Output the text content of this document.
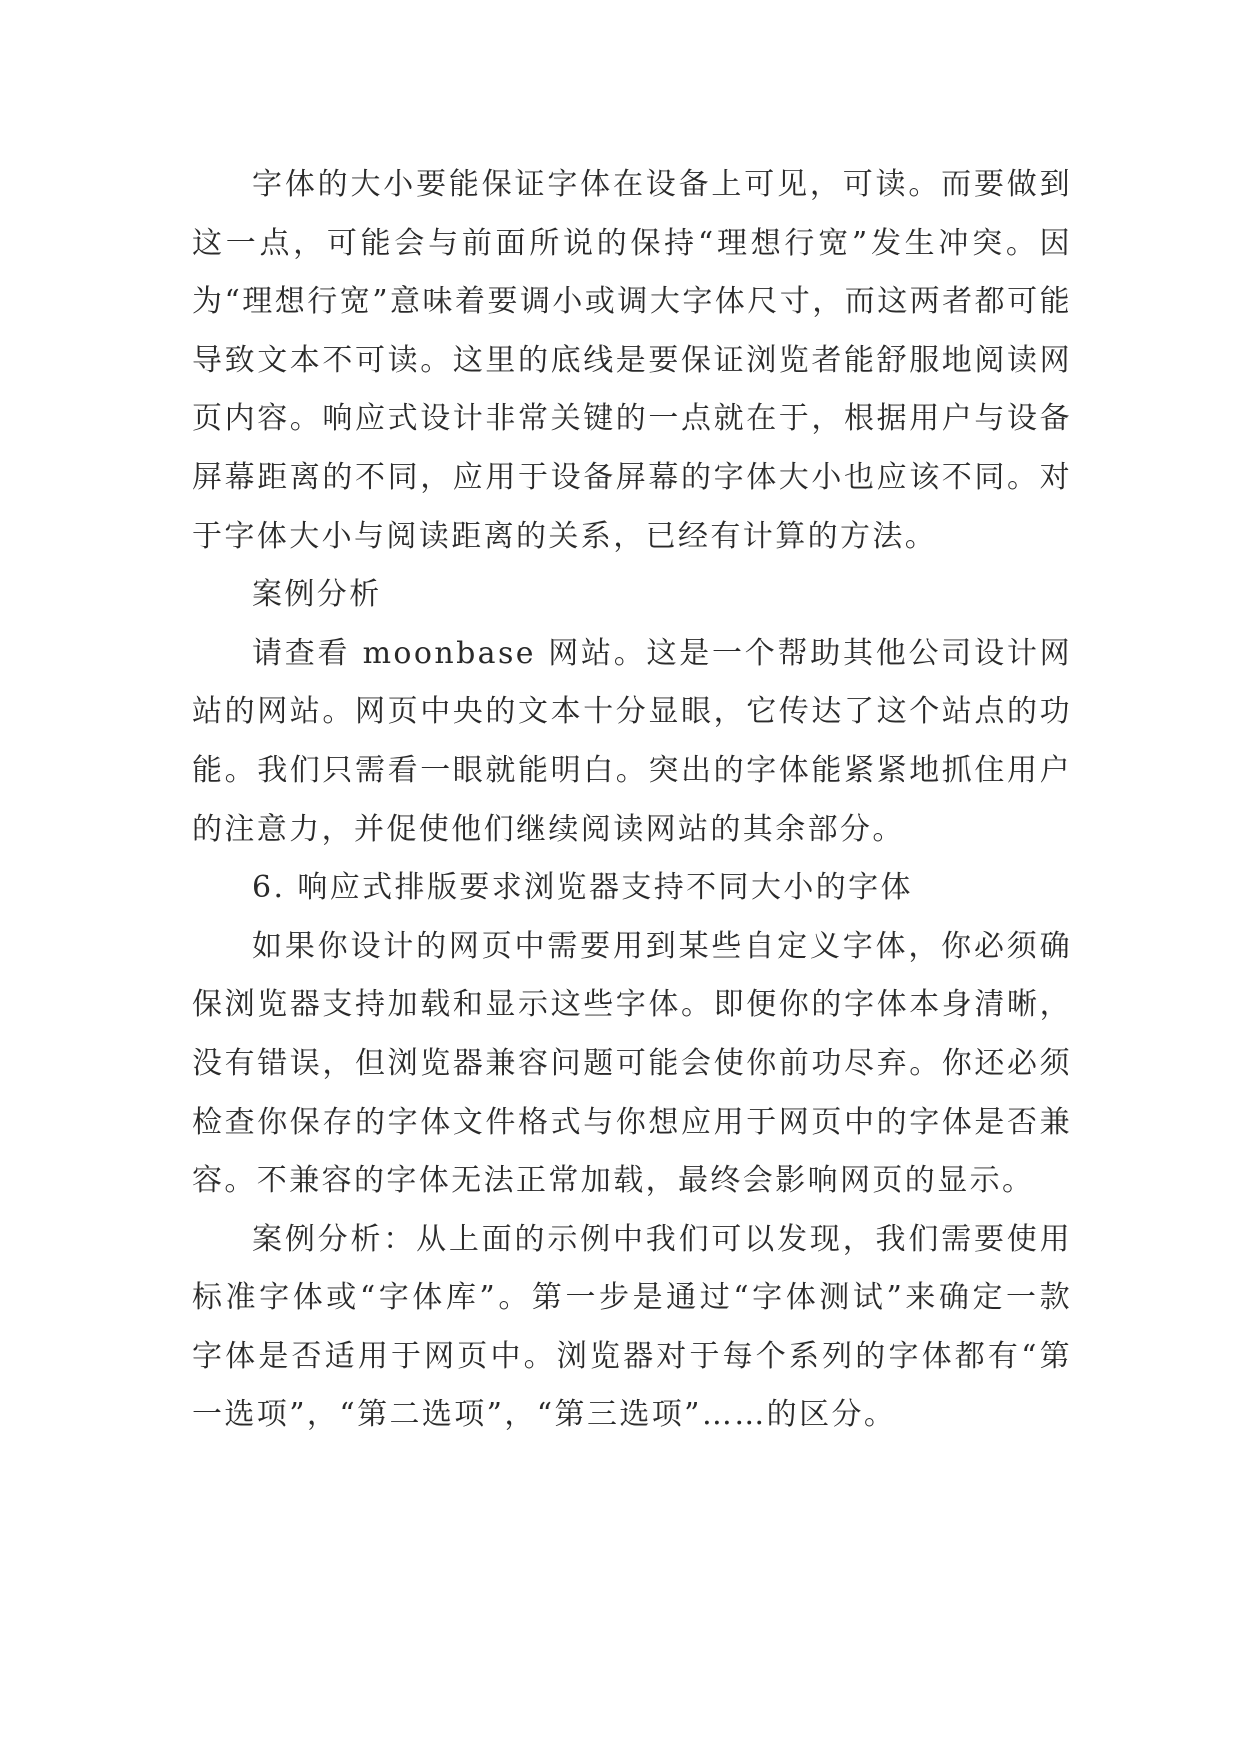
字体的大小要能保证字体在设备上可见，可读。而要做到这一点，可能会与前面所说的保持“理想行宽”发生冲突。因为“理想行宽”意味着要调小或调大字体尺寸，而这两者都可能导致文本不可读。这里的底线是要保证浏览者能舒服地阅读网页内容。响应式设计非常关键的一点就在于，根据用户与设备屏幕距离的不同，应用于设备屏幕的字体大小也应该不同。对于字体大小与阅读距离的关系，已经有计算的方法。

案例分析

请查看 moonbase 网站。这是一个帮助其他公司设计网站的网站。网页中央的文本十分显眼，它传达了这个站点的功能。我们只需看一眼就能明白。突出的字体能紧紧地抓住用户的注意力，并促使他们继续阅读网站的其余部分。

6. 响应式排版要求浏览器支持不同大小的字体

如果你设计的网页中需要用到某些自定义字体，你必须确保浏览器支持加载和显示这些字体。即便你的字体本身清晰，没有错误，但浏览器兼容问题可能会使你前功尽弃。你还必须检查你保存的字体文件格式与你想应用于网页中的字体是否兼容。不兼容的字体无法正常加载，最终会影响网页的显示。

案例分析：从上面的示例中我们可以发现，我们需要使用标准字体或“字体库”。第一步是通过“字体测试”来确定一款字体是否适用于网页中。浏览器对于每个系列的字体都有“第一选项”，“第二选项”，“第三选项”……的区分。
